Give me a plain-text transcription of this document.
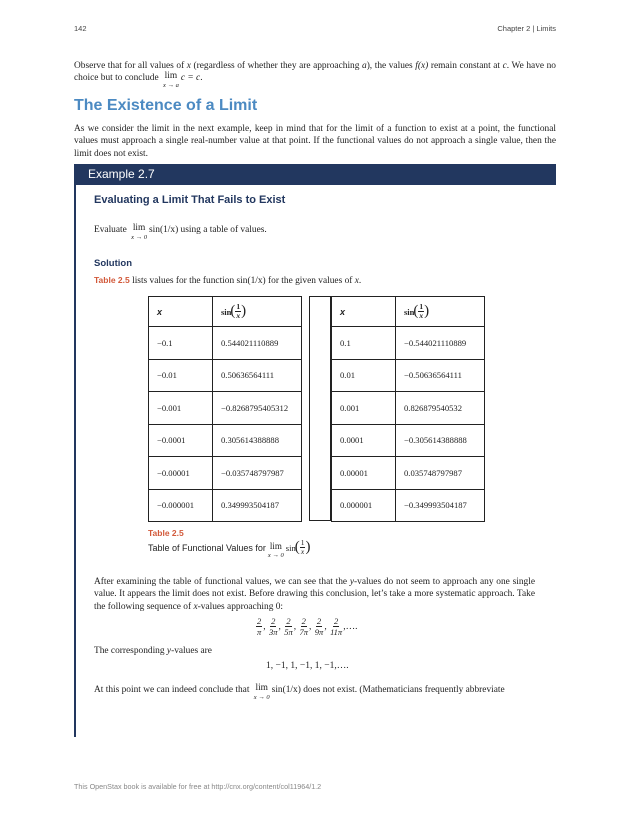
142	Chapter 2 | Limits
Observe that for all values of x (regardless of whether they are approaching a), the values f(x) remain constant at c. We have no choice but to conclude lim
x → a
c = c.
The Existence of a Limit
As we consider the limit in the next example, keep in mind that for the limit of a function to exist at a point, the functional values must approach a single real-number value at that point. If the functional values do not approach a single value, then the limit does not exist.
Example 2.7
Evaluating a Limit That Fails to Exist
Evaluate lim
x → 0
sin(1/x) using a table of values.
Solution
Table 2.5 lists values for the function sin(1/x) for the given values of x.
x	sin ( $\frac{1}{x}$ )

−0.1	0.544021110889
−0.01	0.50636564111
−0.001	−0.8268795405312
−0.0001	0.305614388888
−0.00001	−0.035748797987
−0.000001	0.349993504187
x	sin ( $\frac{1}{x}$ )

0.1	−0.544021110889
0.01	−0.50636564111
0.001	0.826879540532
0.0001	−0.305614388888
0.00001	0.035748797987
0.000001	−0.349993504187
Table 2.5
Table of Functional Values for lim
x → 0
sin ( $\frac{1}{x}$ )
After examining the table of functional values, we can see that the y-values do not seem to approach any one single value. It appears the limit does not exist. Before drawing this conclusion, let’s take a more systematic approach. Take the following sequence of x-values approaching 0:
$\frac{2}{\pi}$ , $\frac{2}{3\pi}$ , $\frac{2}{5\pi}$ , $\frac{2}{7\pi}$ , $\frac{2}{9\pi}$ , $\frac{2}{11\pi}$ ,….
The corresponding y-values are
1, −1, 1, −1, 1, −1,….
At this point we can indeed conclude that lim
x → 0
sin(1/x) does not exist. (Mathematicians frequently abbreviate
This OpenStax book is available for free at http://cnx.org/content/col11964/1.2
